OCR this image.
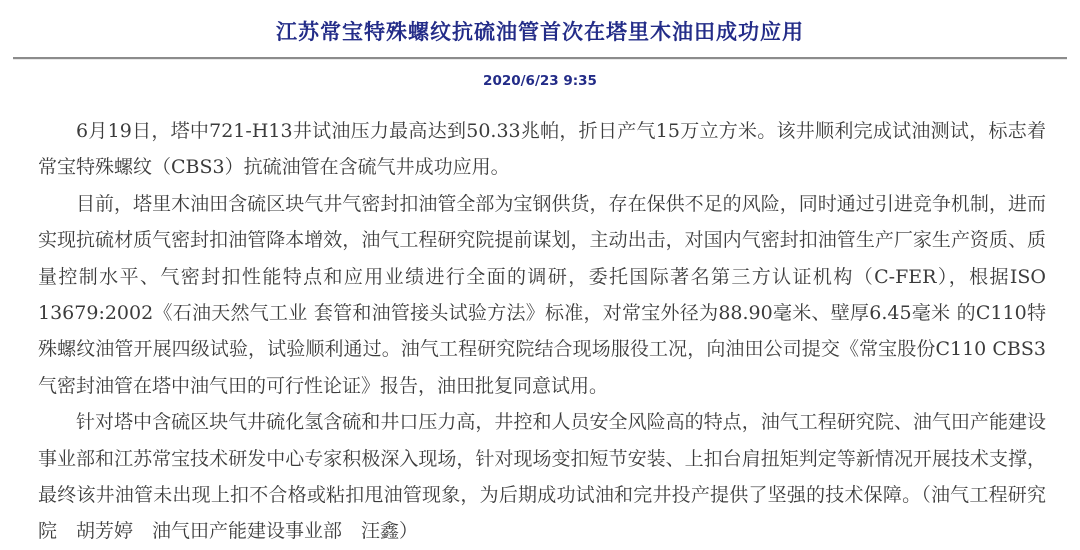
江苏常宝特殊螺纹抗硫油管首次在塔里木油田成功应用
2020/6/23 9:35

6月19日，塔中721-H13井试油压力最高达到50.33兆帕，折日产气15万立方米。该井顺利完成试油测试，标志着常宝特殊螺纹（CBS3）抗硫油管在含硫气井成功应用。

目前，塔里木油田含硫区块气井气密封扣油管全部为宝钢供货，存在保供不足的风险，同时通过引进竞争机制，进而实现抗硫材质气密封扣油管降本增效，油气工程研究院提前谋划，主动出击，对国内气密封扣油管生产厂家生产资质、质量控制水平、气密封扣性能特点和应用业绩进行全面的调研，委托国际著名第三方认证机构（C-FER），根据ISO 13679:2002《石油天然气工业 套管和油管接头试验方法》标准，对常宝外径为88.90毫米、壁厚6.45毫米 的C110特殊螺纹油管开展四级试验，试验顺利通过。油气工程研究院结合现场服役工况，向油田公司提交《常宝股份C110 CBS3气密封油管在塔中油气田的可行性论证》报告，油田批复同意试用。

针对塔中含硫区块气井硫化氢含硫和井口压力高，井控和人员安全风险高的特点，油气工程研究院、油气田产能建设事业部和江苏常宝技术研发中心专家积极深入现场，针对现场变扣短节安装、上扣台肩扭矩判定等新情况开展技术支撑，最终该井油管未出现上扣不合格或粘扣甩油管现象，为后期成功试油和完井投产提供了坚强的技术保障。（油气工程研究院　胡芳婷　油气田产能建设事业部　汪鑫）
